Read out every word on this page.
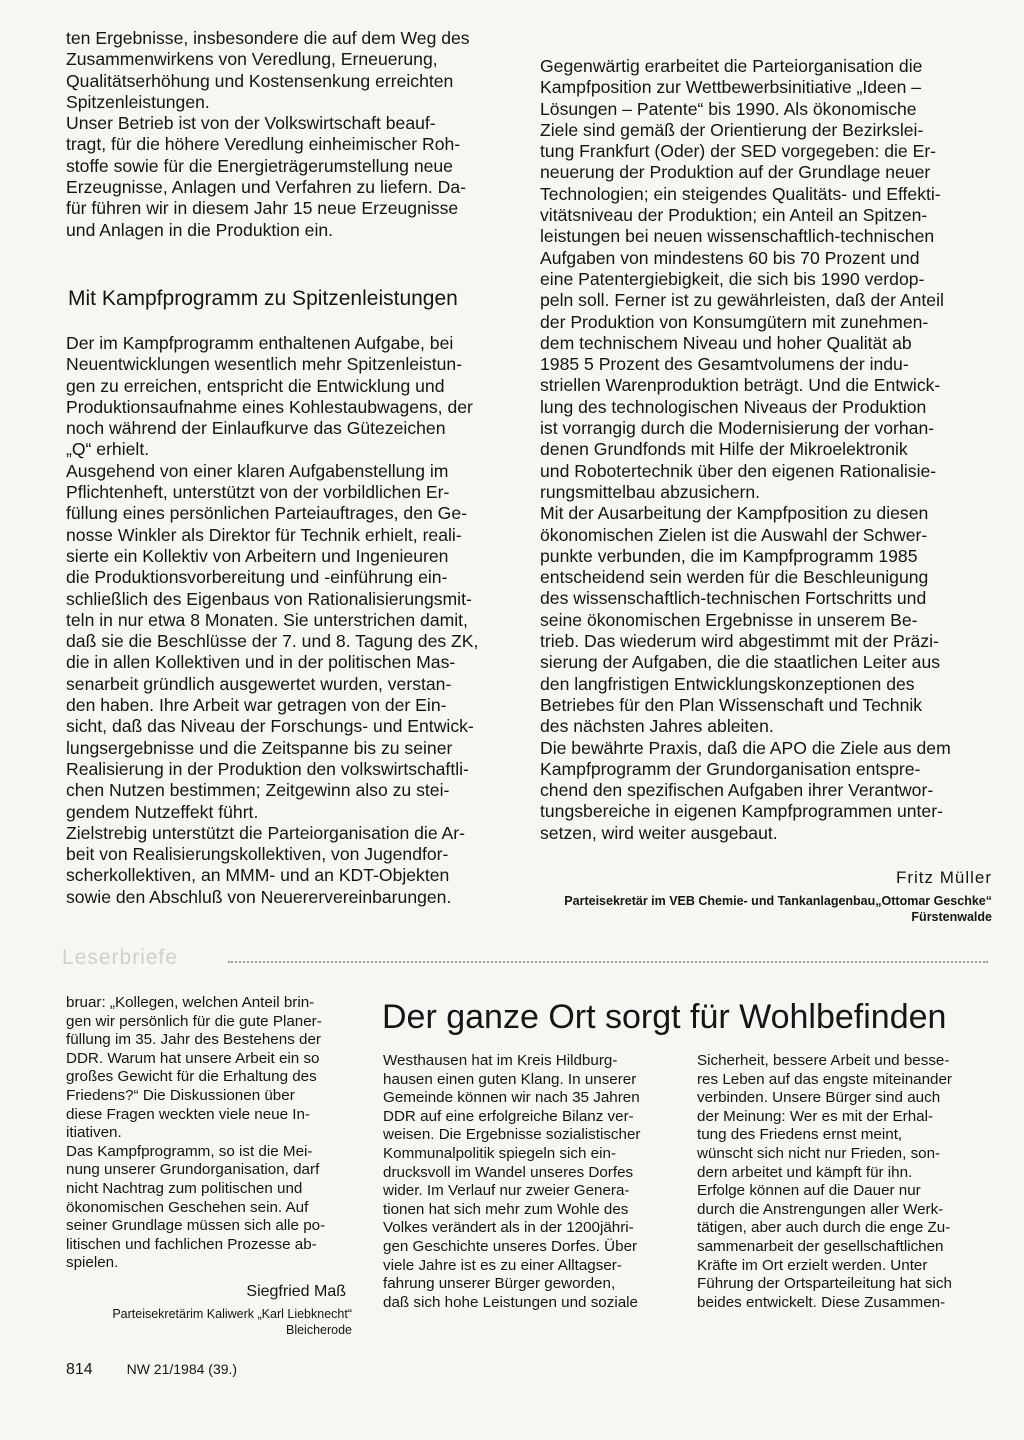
ten Ergebnisse, insbesondere die auf dem Weg des
Zusammenwirkens von Veredlung, Erneuerung,
Qualitätserhöhung und Kostensenkung erreichten
Spitzenleistungen.
Unser Betrieb ist von der Volkswirtschaft beauf-
tragt, für die höhere Veredlung einheimischer Roh-
stoffe sowie für die Energieträgerumstellung neue
Erzeugnisse, Anlagen und Verfahren zu liefern. Da-
für führen wir in diesem Jahr 15 neue Erzeugnisse
und Anlagen in die Produktion ein.

Mit Kampfprogramm zu Spitzenleistungen

Der im Kampfprogramm enthaltenen Aufgabe, bei
Neuentwicklungen wesentlich mehr Spitzenleistun-
gen zu erreichen, entspricht die Entwicklung und
Produktionsaufnahme eines Kohlestaubwagens, der
noch während der Einlaufkurve das Gütezeichen
„Q“ erhielt.
Ausgehend von einer klaren Aufgabenstellung im
Pflichtenheft, unterstützt von der vorbildlichen Er-
füllung eines persönlichen Parteiauftrages, den Ge-
nosse Winkler als Direktor für Technik erhielt, reali-
sierte ein Kollektiv von Arbeitern und Ingenieuren
die Produktionsvorbereitung und -einführung ein-
schließlich des Eigenbaus von Rationalisierungsmit-
teln in nur etwa 8 Monaten. Sie unterstrichen damit,
daß sie die Beschlüsse der 7. und 8. Tagung des ZK,
die in allen Kollektiven und in der politischen Mas-
senarbeit gründlich ausgewertet wurden, verstan-
den haben. Ihre Arbeit war getragen von der Ein-
sicht, daß das Niveau der Forschungs- und Entwick-
lungsergebnisse und die Zeitspanne bis zu seiner
Realisierung in der Produktion den volkswirtschaftli-
chen Nutzen bestimmen; Zeitgewinn also zu stei-
gendem Nutzeffekt führt.
Zielstrebig unterstützt die Parteiorganisation die Ar-
beit von Realisierungskollektiven, von Jugendfor-
scherkollektiven, an MMM- und an KDT-Objekten
sowie den Abschluß von Neuerervereinbarungen.

Gegenwärtig erarbeitet die Parteiorganisation die
Kampfposition zur Wettbewerbsinitiative „Ideen –
Lösungen – Patente“ bis 1990. Als ökonomische
Ziele sind gemäß der Orientierung der Bezirkslei-
tung Frankfurt (Oder) der SED vorgegeben: die Er-
neuerung der Produktion auf der Grundlage neuer
Technologien; ein steigendes Qualitäts- und Effekti-
vitätsniveau der Produktion; ein Anteil an Spitzen-
leistungen bei neuen wissenschaftlich-technischen
Aufgaben von mindestens 60 bis 70 Prozent und
eine Patentergiebigkeit, die sich bis 1990 verdop-
peln soll. Ferner ist zu gewährleisten, daß der Anteil
der Produktion von Konsumgütern mit zunehmen-
dem technischem Niveau und hoher Qualität ab
1985 5 Prozent des Gesamtvolumens der indu-
striellen Warenproduktion beträgt. Und die Entwick-
lung des technologischen Niveaus der Produktion
ist vorrangig durch die Modernisierung der vorhan-
denen Grundfonds mit Hilfe der Mikroelektronik
und Robotertechnik über den eigenen Rationalisie-
rungsmittelbau abzusichern.
Mit der Ausarbeitung der Kampfposition zu diesen
ökonomischen Zielen ist die Auswahl der Schwer-
punkte verbunden, die im Kampfprogramm 1985
entscheidend sein werden für die Beschleunigung
des wissenschaftlich-technischen Fortschritts und
seine ökonomischen Ergebnisse in unserem Be-
trieb. Das wiederum wird abgestimmt mit der Präzi-
sierung der Aufgaben, die die staatlichen Leiter aus
den langfristigen Entwicklungskonzeptionen des
Betriebes für den Plan Wissenschaft und Technik
des nächsten Jahres ableiten.
Die bewährte Praxis, daß die APO die Ziele aus dem
Kampfprogramm der Grundorganisation entspre-
chend den spezifischen Aufgaben ihrer Verantwor-
tungsbereiche in eigenen Kampfprogrammen unter-
setzen, wird weiter ausgebaut.

Fritz Müller
Parteisekretär im VEB Chemie- und Tankanlagenbau„Ottomar Geschke“ Fürstenwalde
Leserbriefe
Der ganze Ort sorgt für Wohlbefinden

bruar: „Kollegen, welchen Anteil brin-
gen wir persönlich für die gute Planer-
füllung im 35. Jahr des Bestehens der
DDR. Warum hat unsere Arbeit ein so
großes Gewicht für die Erhaltung des
Friedens?“ Die Diskussionen über
diese Fragen weckten viele neue In-
itiativen.
Das Kampfprogramm, so ist die Mei-
nung unserer Grundorganisation, darf
nicht Nachtrag zum politischen und
ökonomischen Geschehen sein. Auf
seiner Grundlage müssen sich alle po-
litischen und fachlichen Prozesse ab-
spielen.

Siegfried Maß
Parteisekretärim Kaliwerk „Karl Liebknecht“ Bleicherode

Westhausen hat im Kreis Hildburg-
hausen einen guten Klang. In unserer
Gemeinde können wir nach 35 Jahren
DDR auf eine erfolgreiche Bilanz ver-
weisen. Die Ergebnisse sozialistischer
Kommunalpolitik spiegeln sich ein-
drucksvoll im Wandel unseres Dorfes
wider. Im Verlauf nur zweier Genera-
tionen hat sich mehr zum Wohle des
Volkes verändert als in der 1200jähri-
gen Geschichte unseres Dorfes. Über
viele Jahre ist es zu einer Alltagser-
fahrung unserer Bürger geworden,
daß sich hohe Leistungen und soziale

Sicherheit, bessere Arbeit und besse-
res Leben auf das engste miteinander
verbinden. Unsere Bürger sind auch
der Meinung: Wer es mit der Erhal-
tung des Friedens ernst meint,
wünscht sich nicht nur Frieden, son-
dern arbeitet und kämpft für ihn.
Erfolge können auf die Dauer nur
durch die Anstrengungen aller Werk-
tätigen, aber auch durch die enge Zu-
sammenarbeit der gesellschaftlichen
Kräfte im Ort erzielt werden. Unter
Führung der Ortsparteileitung hat sich
beides entwickelt. Diese Zusammen-

814 NW 21/1984 (39.)
